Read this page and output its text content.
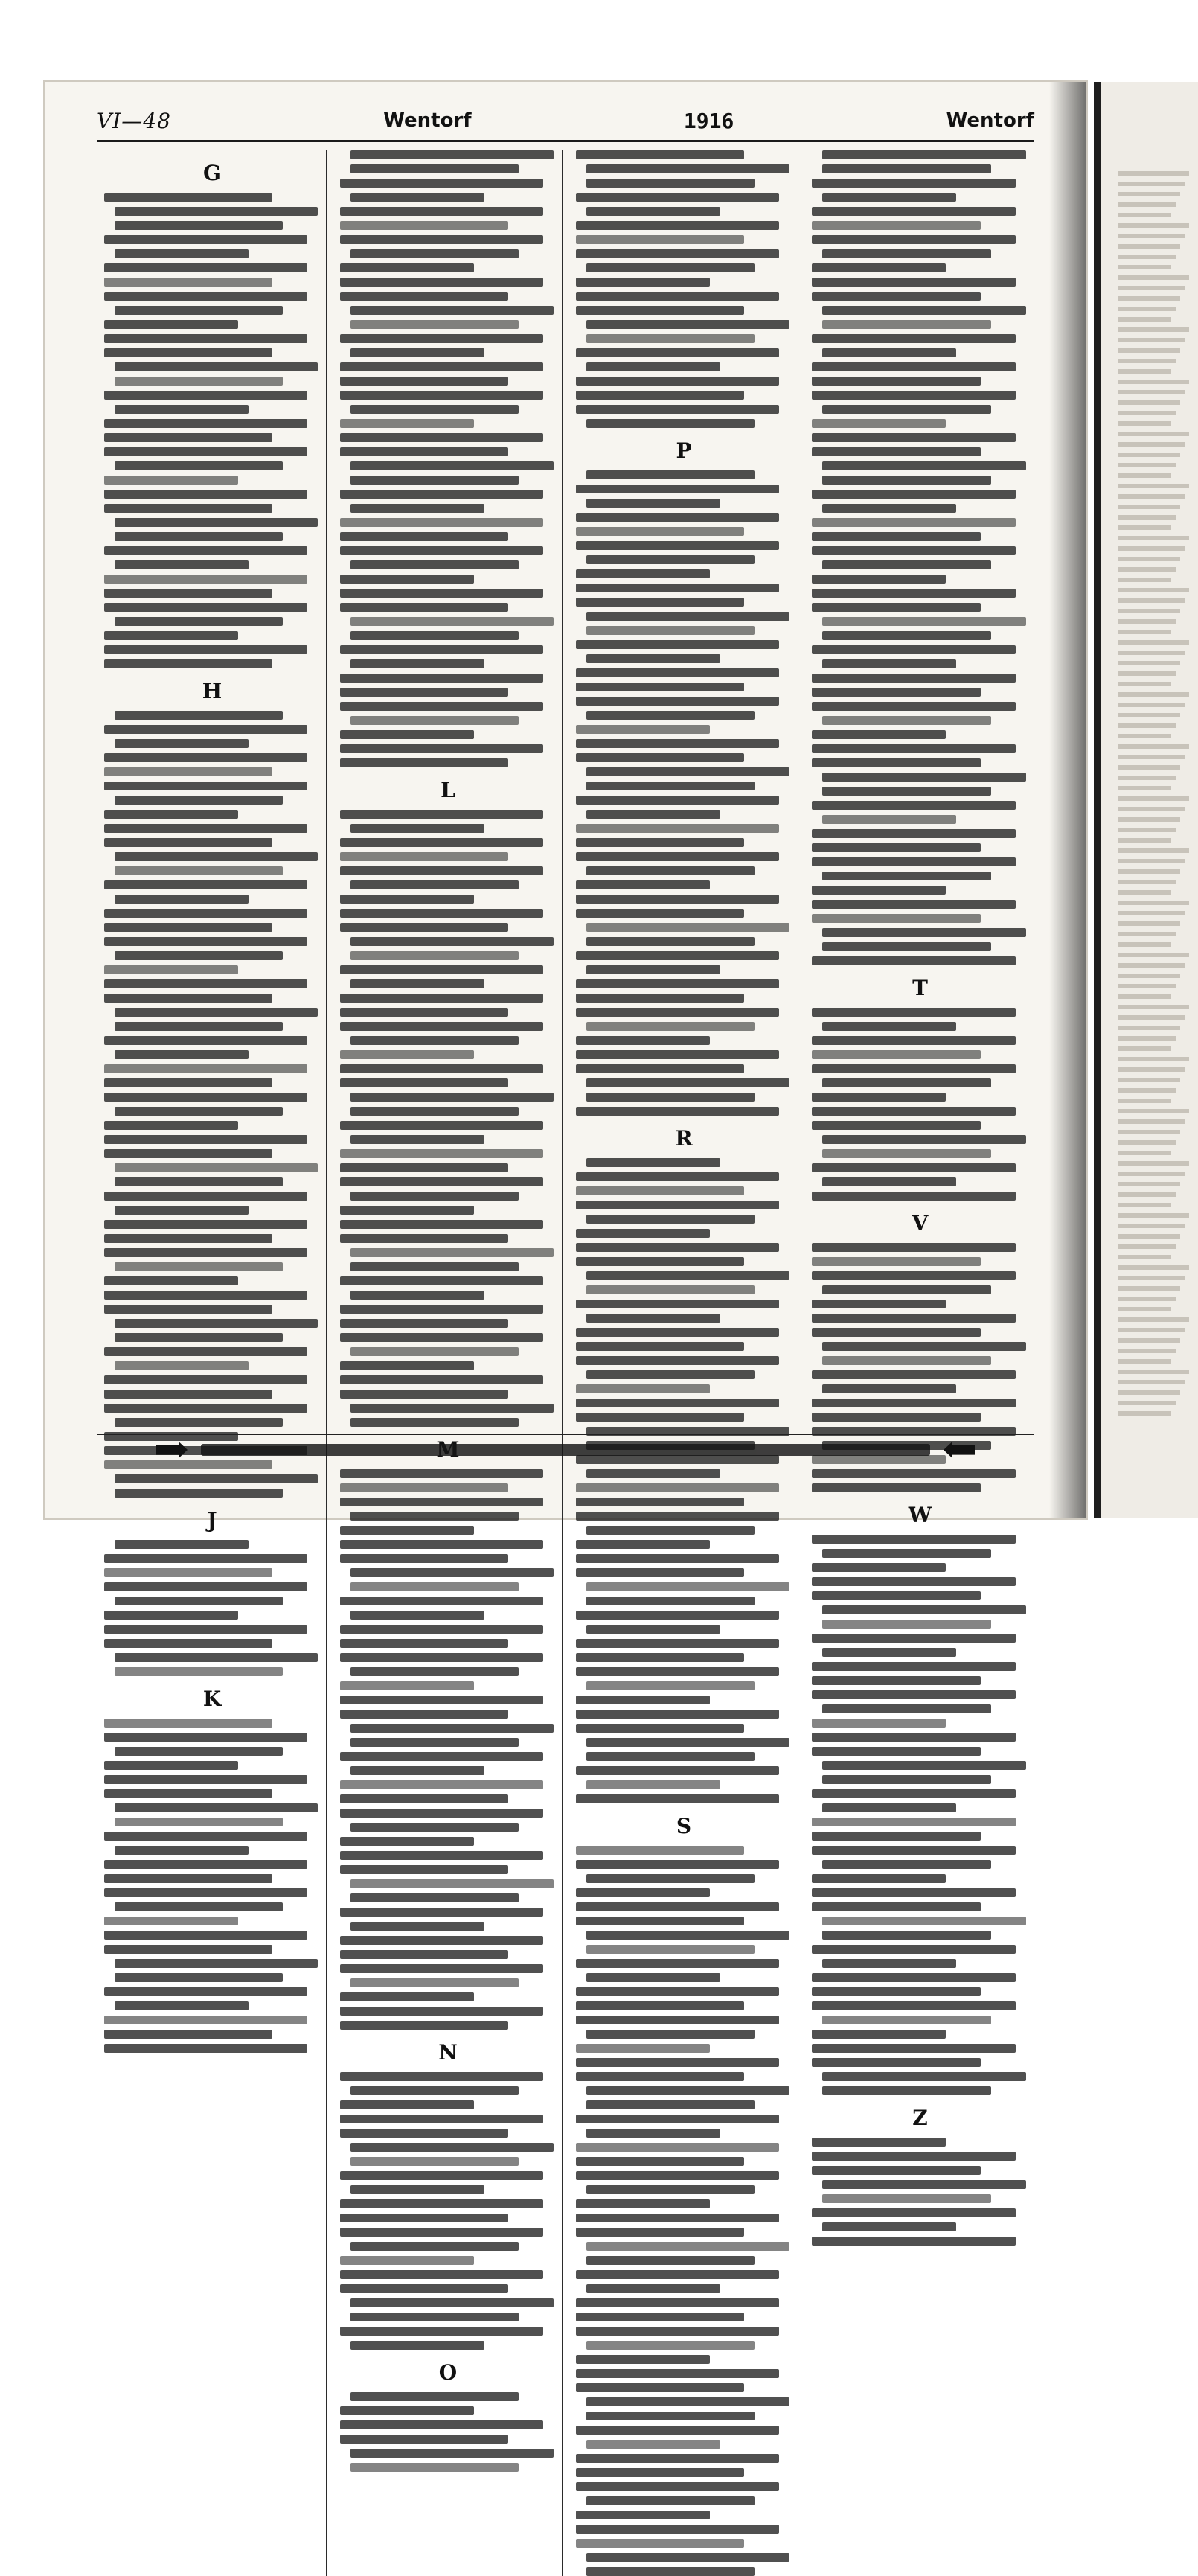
VI—48	Wentorf	1916	Wentorf
G
H
J
K
L
N
O
P
R
S
T
V
W
Z
